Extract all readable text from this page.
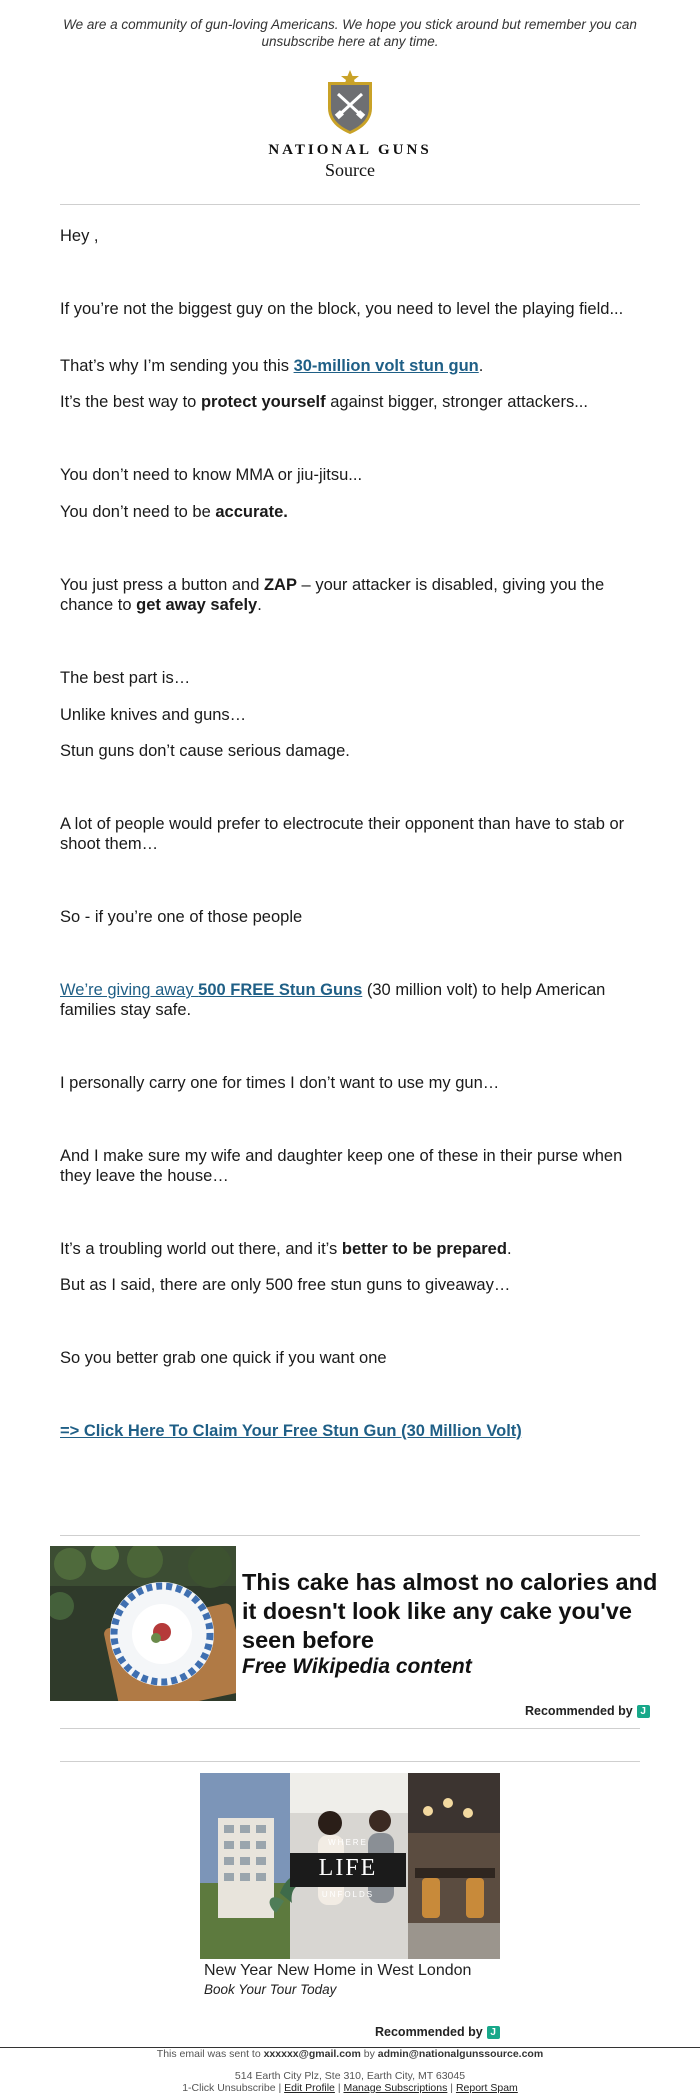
We are a community of gun-loving Americans. We hope you stick around but remember you can unsubscribe here at any time.
NATIONAL GUNS
Source

Hey ,

If you’re not the biggest guy on the block, you need to level the playing field...

That’s why I’m sending you this 30-million volt stun gun.

It’s the best way to protect yourself against bigger, stronger attackers...

You don’t need to know MMA or jiu-jitsu...

You don’t need to be accurate.

You just press a button and ZAP – your attacker is disabled, giving you the chance to get away safely.

The best part is…

Unlike knives and guns…

Stun guns don’t cause serious damage.

A lot of people would prefer to electrocute their opponent than have to stab or shoot them…

So - if you’re one of those people

We’re giving away 500 FREE Stun Guns (30 million volt) to help American families stay safe.

I personally carry one for times I don’t want to use my gun…

And I make sure my wife and daughter keep one of these in their purse when they leave the house…

It’s a troubling world out there, and it’s better to be prepared.

But as I said, there are only 500 free stun guns to giveaway…

So you better grab one quick if you want one

=> Click Here To Claim Your Free Stun Gun (30 Million Volt)

This cake has almost no calories and it doesn't look like any cake you've seen before
Free Wikipedia content
Recommended by J
WHERE
LIFE
UNFOLDS
New Year New Home in West London
Book Your Tour Today
Recommended by J
This email was sent to xxxxxx@gmail.com by admin@nationalgunssource.com
514 Earth City Plz, Ste 310, Earth City, MT 63045
1-Click Unsubscribe | Edit Profile | Manage Subscriptions | Report Spam
